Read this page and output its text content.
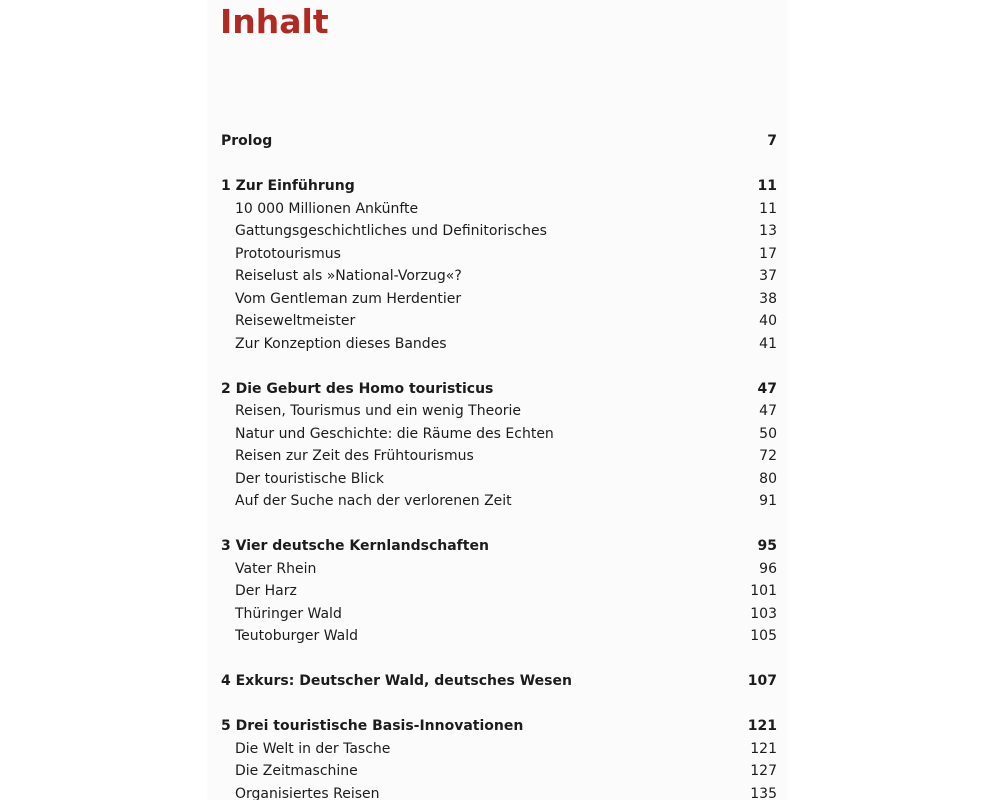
Inhalt
Prolog	7
1 Zur Einführung	11
10 000 Millionen Ankünfte	11
Gattungsgeschichtliches und Definitorisches	13
Prototourismus	17
Reiselust als »National-Vorzug«?	37
Vom Gentleman zum Herdentier	38
Reiseweltmeister	40
Zur Konzeption dieses Bandes	41
2 Die Geburt des Homo touristicus	47
Reisen, Tourismus und ein wenig Theorie	47
Natur und Geschichte: die Räume des Echten	50
Reisen zur Zeit des Frühtourismus	72
Der touristische Blick	80
Auf der Suche nach der verlorenen Zeit	91
3 Vier deutsche Kernlandschaften	95
Vater Rhein	96
Der Harz	101
Thüringer Wald	103
Teutoburger Wald	105
4 Exkurs: Deutscher Wald, deutsches Wesen	107
5 Drei touristische Basis-Innovationen	121
Die Welt in der Tasche	121
Die Zeitmaschine	127
Organisiertes Reisen	135
